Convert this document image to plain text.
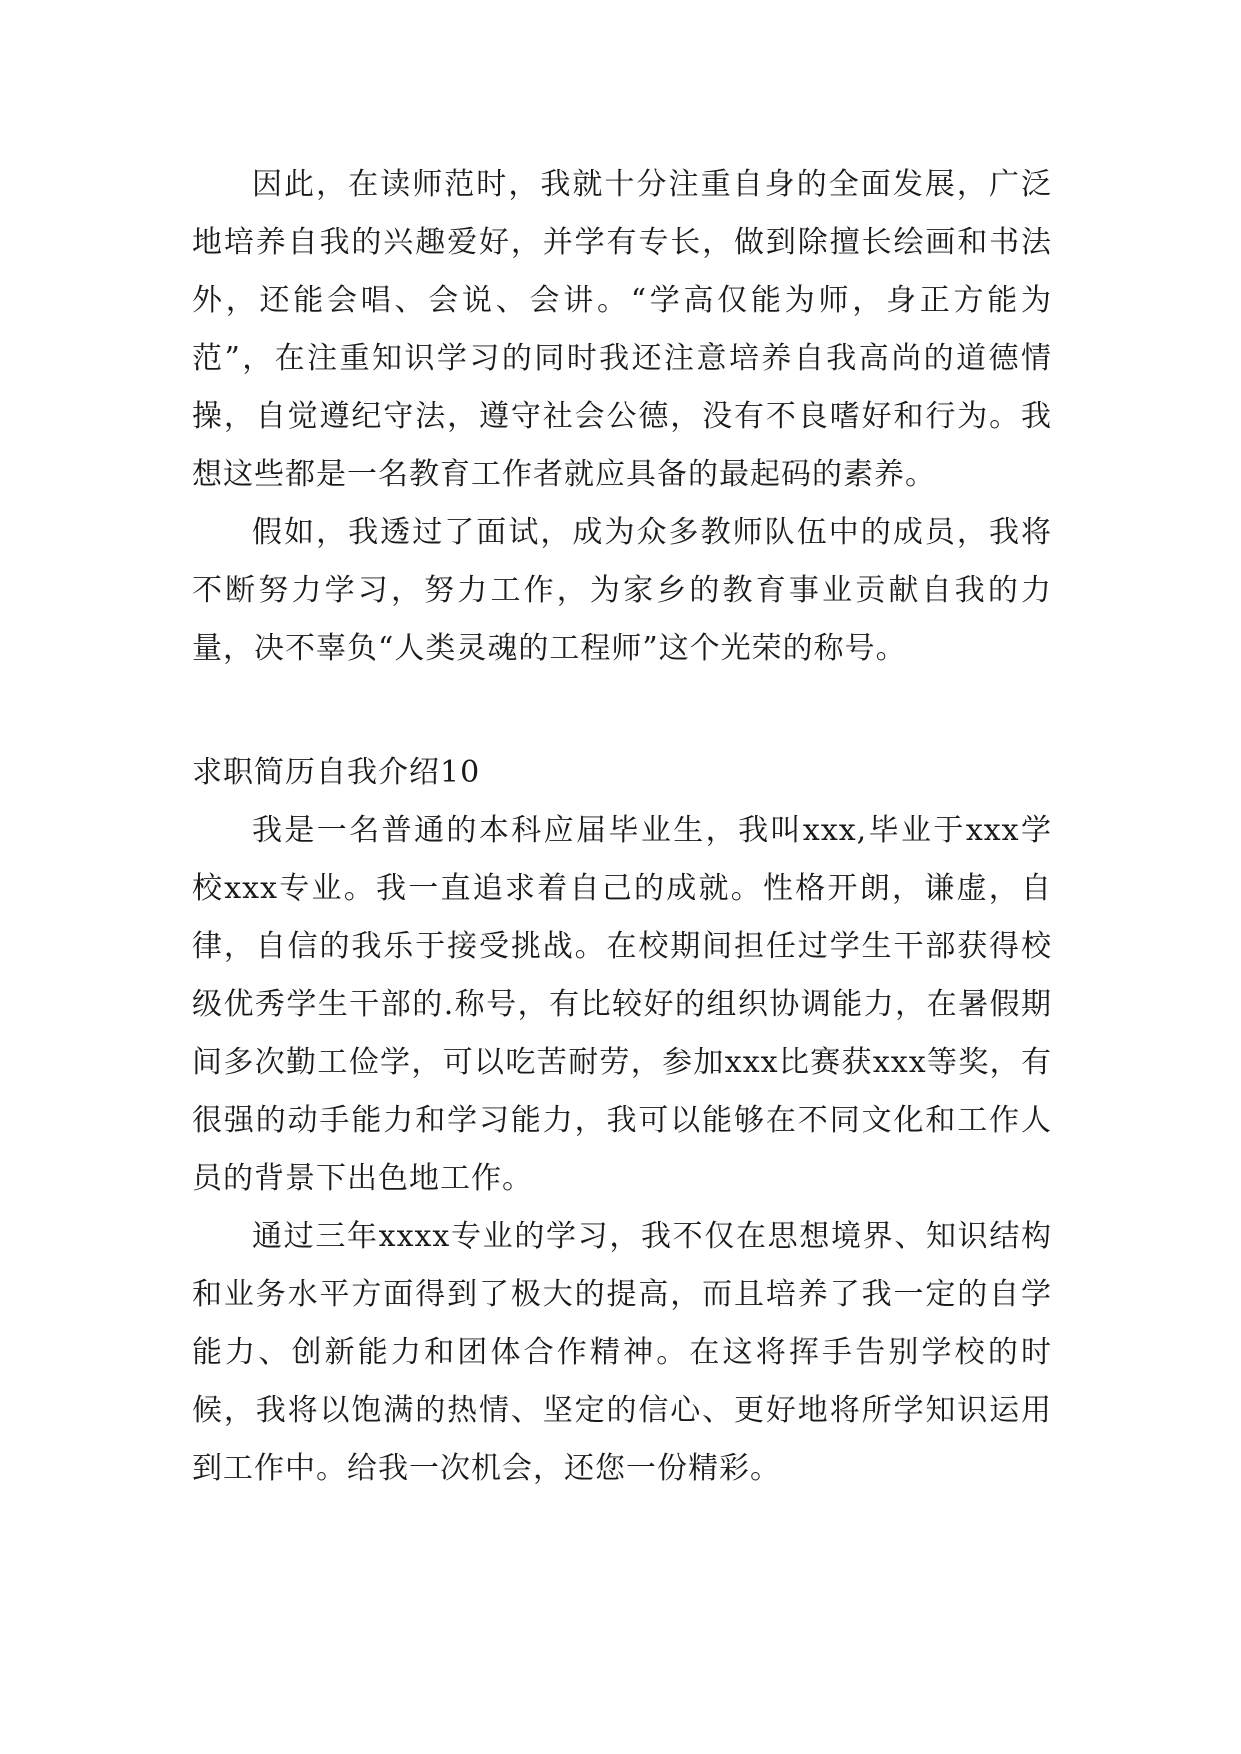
因此，在读师范时，我就十分注重自身的全面发展，广泛地培养自我的兴趣爱好，并学有专长，做到除擅长绘画和书法外，还能会唱、会说、会讲。“学高仅能为师，身正方能为范”，在注重知识学习的同时我还注意培养自我高尚的道德情操，自觉遵纪守法，遵守社会公德，没有不良嗜好和行为。我想这些都是一名教育工作者就应具备的最起码的素养。

假如，我透过了面试，成为众多教师队伍中的成员，我将不断努力学习，努力工作，为家乡的教育事业贡献自我的力量，决不辜负“人类灵魂的工程师”这个光荣的称号。

求职简历自我介绍10

我是一名普通的本科应届毕业生，我叫xxx,毕业于xxx学校xxx专业。我一直追求着自己的成就。性格开朗，谦虚，自律，自信的我乐于接受挑战。在校期间担任过学生干部获得校级优秀学生干部的.称号，有比较好的组织协调能力，在暑假期间多次勤工俭学，可以吃苦耐劳，参加xxx比赛获xxx等奖，有很强的动手能力和学习能力，我可以能够在不同文化和工作人员的背景下出色地工作。

通过三年xxxx专业的学习，我不仅在思想境界、知识结构和业务水平方面得到了极大的提高，而且培养了我一定的自学能力、创新能力和团体合作精神。在这将挥手告别学校的时候，我将以饱满的热情、坚定的信心、更好地将所学知识运用到工作中。给我一次机会，还您一份精彩。
